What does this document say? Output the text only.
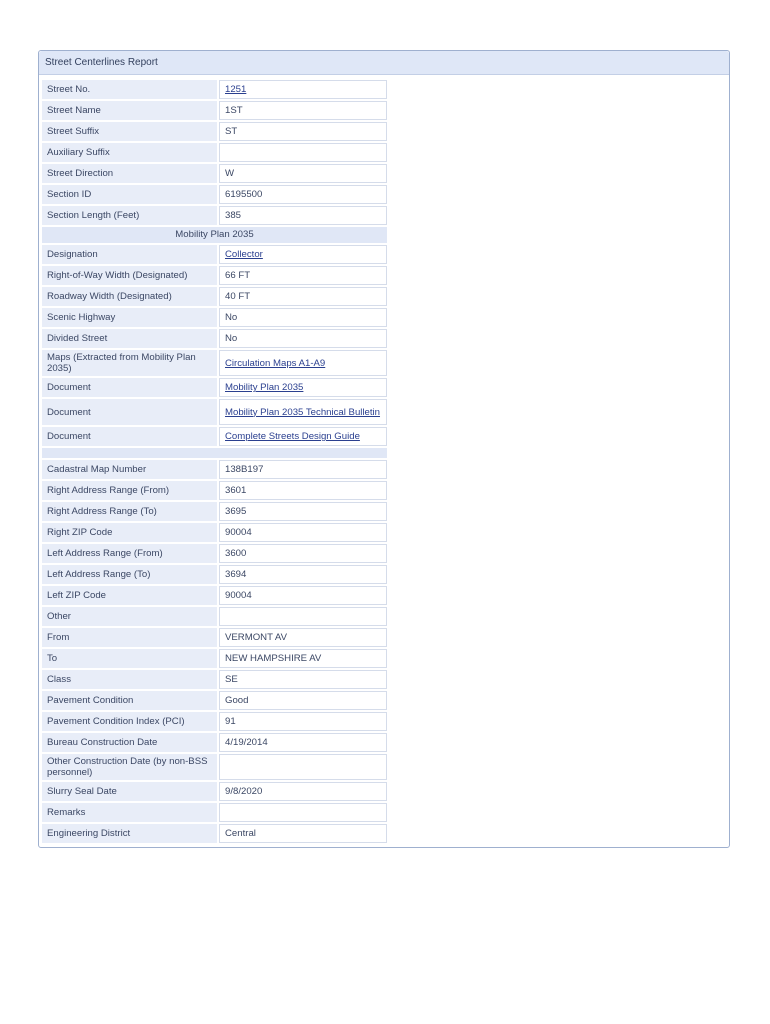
Street Centerlines Report
Street No.	1251
Street Name	1ST
Street Suffix	ST
Auxiliary Suffix	
Street Direction	W
Section ID	6195500
Section Length (Feet)	385
Mobility Plan 2035	
Designation	Collector
Right-of-Way Width (Designated)	66 FT
Roadway Width (Designated)	40 FT
Scenic Highway	No
Divided Street	No
Maps (Extracted from Mobility Plan 2035)	Circulation Maps A1-A9
Document	Mobility Plan 2035
Document	Mobility Plan 2035 Technical Bulletin
Document	Complete Streets Design Guide

Cadastral Map Number	138B197
Right Address Range (From)	3601
Right Address Range (To)	3695
Right ZIP Code	90004
Left Address Range (From)	3600
Left Address Range (To)	3694
Left ZIP Code	90004
Other	
From	VERMONT AV
To	NEW HAMPSHIRE AV
Class	SE
Pavement Condition	Good
Pavement Condition Index (PCI)	91
Bureau Construction Date	4/19/2014
Other Construction Date (by non-BSS personnel)	
Slurry Seal Date	9/8/2020
Remarks	
Engineering District	Central
